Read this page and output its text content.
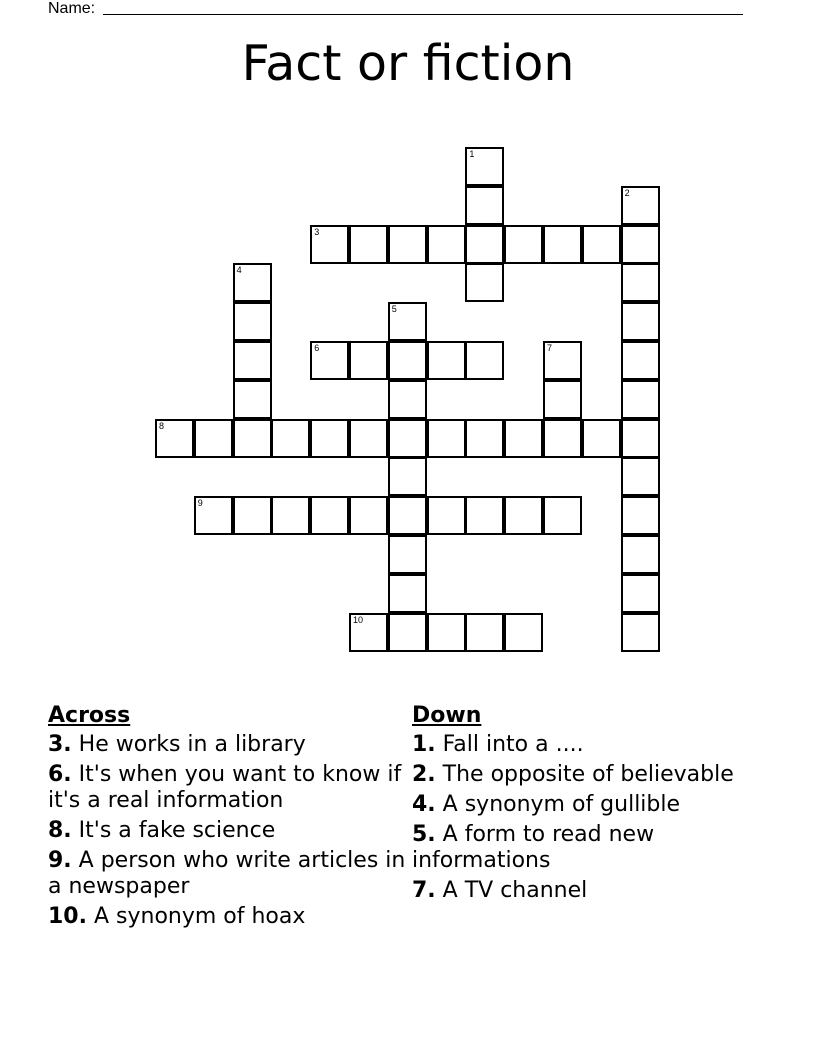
Name:
Fact or fiction
1
2
3
4
5
6	7
8
9
10
Across
3. He works in a library
6. It's when you want to know if it's a real information
8. It's a fake science
9. A person who write articles in a newspaper
10. A synonym of hoax
Down
1. Fall into a ....
2. The opposite of believable
4. A synonym of gullible
5. A form to read new informations
7. A TV channel
